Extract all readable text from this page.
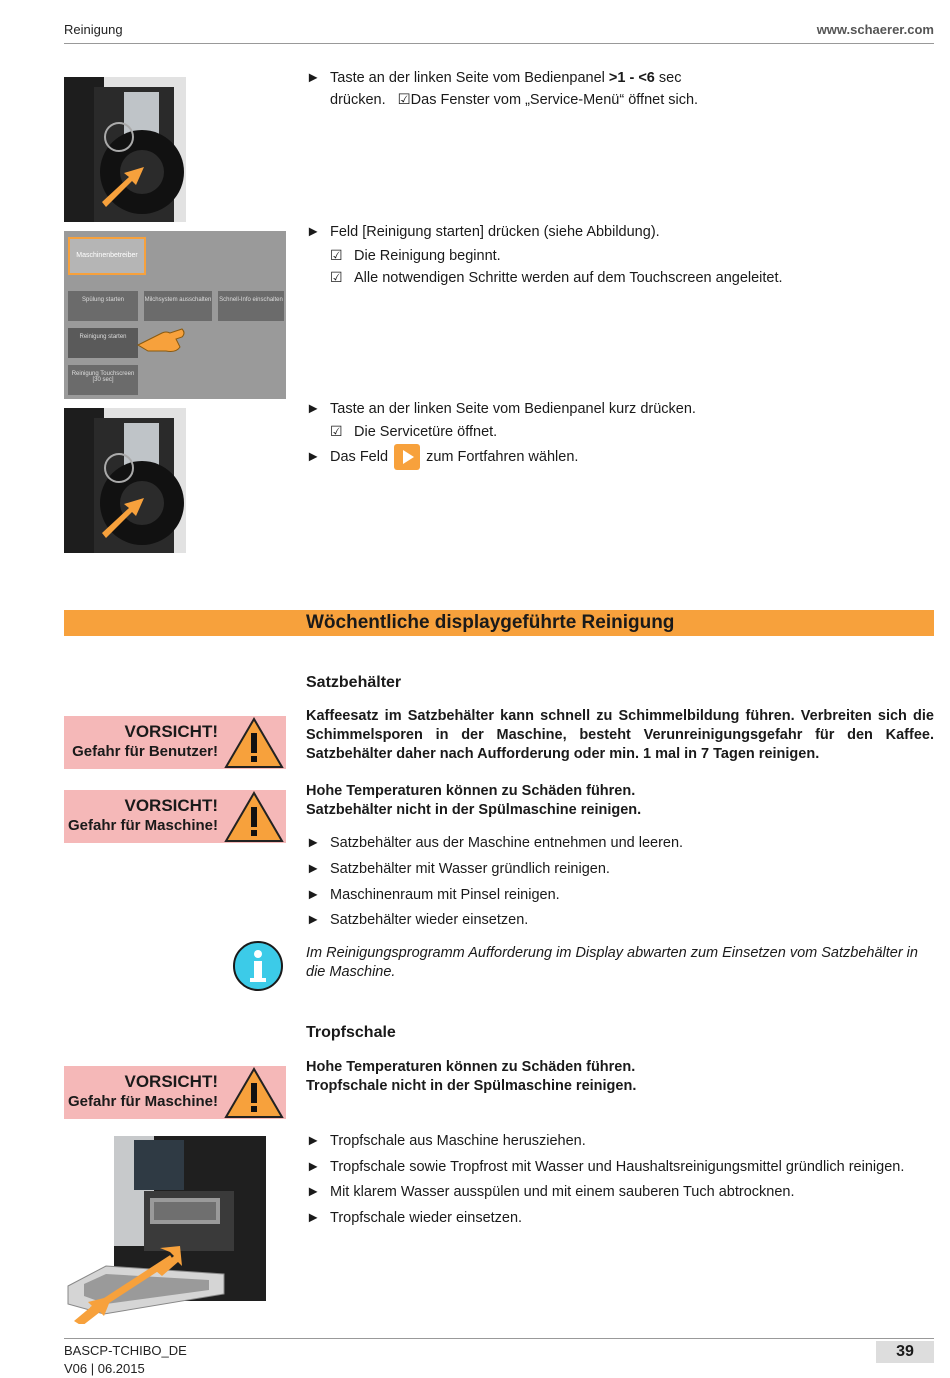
Reinigung	www.schaerer.com
► Taste an der linken Seite vom Bedienpanel >1 - <6 sec
drücken. ☑Das Fenster vom „Service-Menü“ öffnet sich.
Maschinenbetreiber
Spülung starten	Milchsystem ausschalten Schnell-Info einschalten
Reinigung starten
Reinigung Touchscreen [30 sec]
► Feld [Reinigung starten] drücken (siehe Abbildung).
☑ Die Reinigung beginnt.
☑ Alle notwendigen Schritte werden auf dem Touchscreen angeleitet.
► Taste an der linken Seite vom Bedienpanel kurz drücken.
☑ Die Servicetüre öffnet.
► Das Feld	zum Fortfahren wählen.
Wöchentliche displaygeführte Reinigung
Satzbehälter
VORSICHT!
Gefahr für Benutzer!
Kaffeesatz im Satzbehälter kann schnell zu Schimmelbildung führen. Verbreiten sich die Schimmelsporen in der Maschine, besteht Verunreinigungsgefahr für den Kaffee. Satzbehälter daher nach Aufforderung oder min. 1 mal in 7 Tagen reinigen.
VORSICHT!
Gefahr für Maschine!
Hohe Temperaturen können zu Schäden führen.
Satzbehälter nicht in der Spülmaschine reinigen.
► Satzbehälter aus der Maschine entnehmen und leeren.
► Satzbehälter mit Wasser gründlich reinigen.
► Maschinenraum mit Pinsel reinigen.
► Satzbehälter wieder einsetzen.
Im Reinigungsprogramm Aufforderung im Display abwarten zum Einsetzen vom Satzbehälter in die Maschine.
Tropfschale
VORSICHT!
Gefahr für Maschine!
Hohe Temperaturen können zu Schäden führen.
Tropfschale nicht in der Spülmaschine reinigen.
► Tropfschale aus Maschine herusziehen.
► Tropfschale sowie Tropfrost mit Wasser und Haushaltsreinigungsmittel gründlich reinigen.
► Mit klarem Wasser ausspülen und mit einem sauberen Tuch abtrocknen.
► Tropfschale wieder einsetzen.
BASCP-TCHIBO_DE
V06 | 06.2015
39
